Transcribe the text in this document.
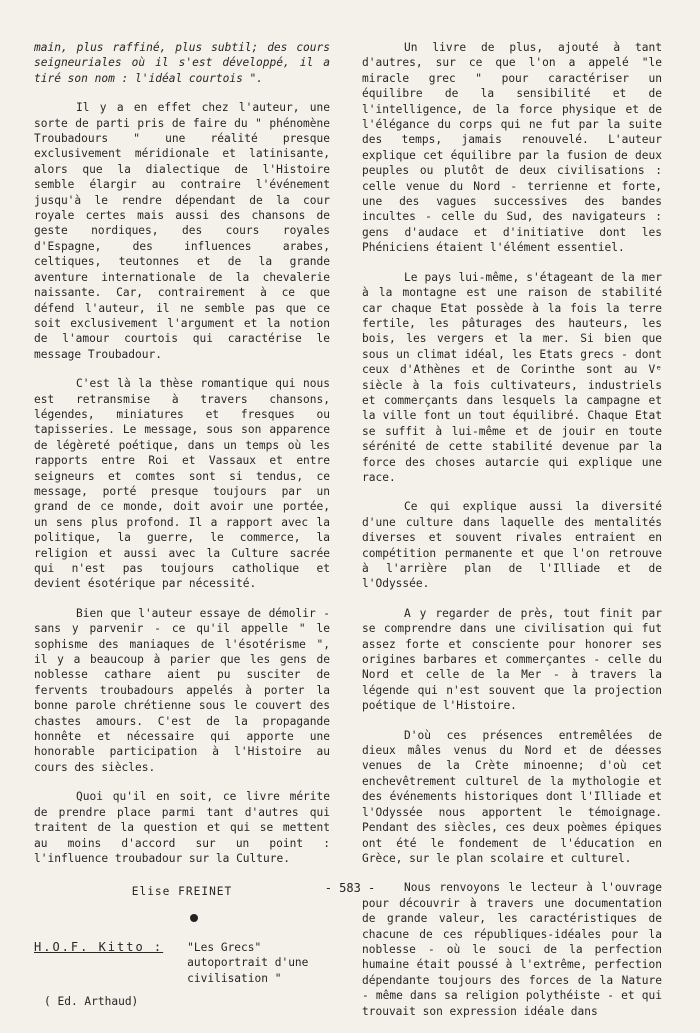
main, plus raffiné, plus subtil; des cours seigneuriales où il s'est développé, il a tiré son nom : l'idéal courtois ".

Il y a en effet chez l'auteur, une sorte de parti pris de faire du " phénomène Troubadours " une réalité presque exclusivement méridionale et latinisante, alors que la dialectique de l'Histoire semble élargir au contraire l'événement jusqu'à le rendre dépendant de la cour royale certes mais aussi des chansons de geste nordiques, des cours royales d'Espagne, des influences arabes, celtiques, teutonnes et de la grande aventure internationale de la chevalerie naissante. Car, contrairement à ce que défend l'auteur, il ne semble pas que ce soit exclusivement l'argument et la notion de l'amour courtois qui caractérise le message Troubadour.

C'est là la thèse romantique qui nous est retransmise à travers chansons, légendes, miniatures et fresques ou tapisseries. Le message, sous son apparence de légèreté poétique, dans un temps où les rapports entre Roi et Vassaux et entre seigneurs et comtes sont si tendus, ce message, porté presque toujours par un grand de ce monde, doit avoir une portée, un sens plus profond. Il a rapport avec la politique, la guerre, le commerce, la religion et aussi avec la Culture sacrée qui n'est pas toujours catholique et devient ésotérique par nécessité.

Bien que l'auteur essaye de démolir - sans y parvenir - ce qu'il appelle " le sophisme des maniaques de l'ésotérisme ", il y a beaucoup à parier que les gens de noblesse cathare aient pu susciter de fervents troubadours appelés à porter la bonne parole chrétienne sous le couvert des chastes amours. C'est de la propagande honnête et nécessaire qui apporte une honorable participation à l'Histoire au cours des siècles.

Quoi qu'il en soit, ce livre mérite de prendre place parmi tant d'autres qui traitent de la question et qui se mettent au moins d'accord sur un point : l'influence troubadour sur la Culture.

Elise FREINET
H.O.F. Kitto : "Les Grecs" autoportrait d'une civilisation "
( Ed. Arthaud)

Un livre de plus, ajouté à tant d'autres, sur ce que l'on a appelé "le miracle grec " pour caractériser un équilibre de la sensibilité et de l'intelligence, de la force physique et de l'élégance du corps qui ne fut par la suite des temps, jamais renouvelé. L'auteur explique cet équilibre par la fusion de deux peuples ou plutôt de deux civilisations : celle venue du Nord - terrienne et forte, une des vagues successives des bandes incultes - celle du Sud, des navigateurs : gens d'audace et d'initiative dont les Phéniciens étaient l'élément essentiel.

Le pays lui-même, s'étageant de la mer à la montagne est une raison de stabilité car chaque Etat possède à la fois la terre fertile, les pâturages des hauteurs, les bois, les vergers et la mer. Si bien que sous un climat idéal, les Etats grecs - dont ceux d'Athènes et de Corinthe sont au Vᵉ siècle à la fois cultivateurs, industriels et commerçants dans lesquels la campagne et la ville font un tout équilibré. Chaque Etat se suffit à lui-même et de jouir en toute sérénité de cette stabilité devenue par la force des choses autarcie qui explique une race.

Ce qui explique aussi la diversité d'une culture dans laquelle des mentalités diverses et souvent rivales entraient en compétition permanente et que l'on retrouve à l'arrière plan de l'Illiade et de l'Odyssée.

A y regarder de près, tout finit par se comprendre dans une civilisation qui fut assez forte et consciente pour honorer ses origines barbares et commerçantes - celle du Nord et celle de la Mer - à travers la légende qui n'est souvent que la projection poétique de l'Histoire.

D'où ces présences entremêlées de dieux mâles venus du Nord et de déesses venues de la Crète minoenne; d'où cet enchevêtrement culturel de la mythologie et des événements historiques dont l'Illiade et l'Odyssée nous apportent le témoignage. Pendant des siècles, ces deux poèmes épiques ont été le fondement de l'éducation en Grèce, sur le plan scolaire et culturel.

Nous renvoyons le lecteur à l'ouvrage pour découvrir à travers une documentation de grande valeur, les caractéristiques de chacune de ces républiques-idéales pour la noblesse - où le souci de la perfection humaine était poussé à l'extrême, perfection dépendante toujours des forces de la Nature - même dans sa religion polythéiste - et qui trouvait son expression idéale dans

- 583 -
